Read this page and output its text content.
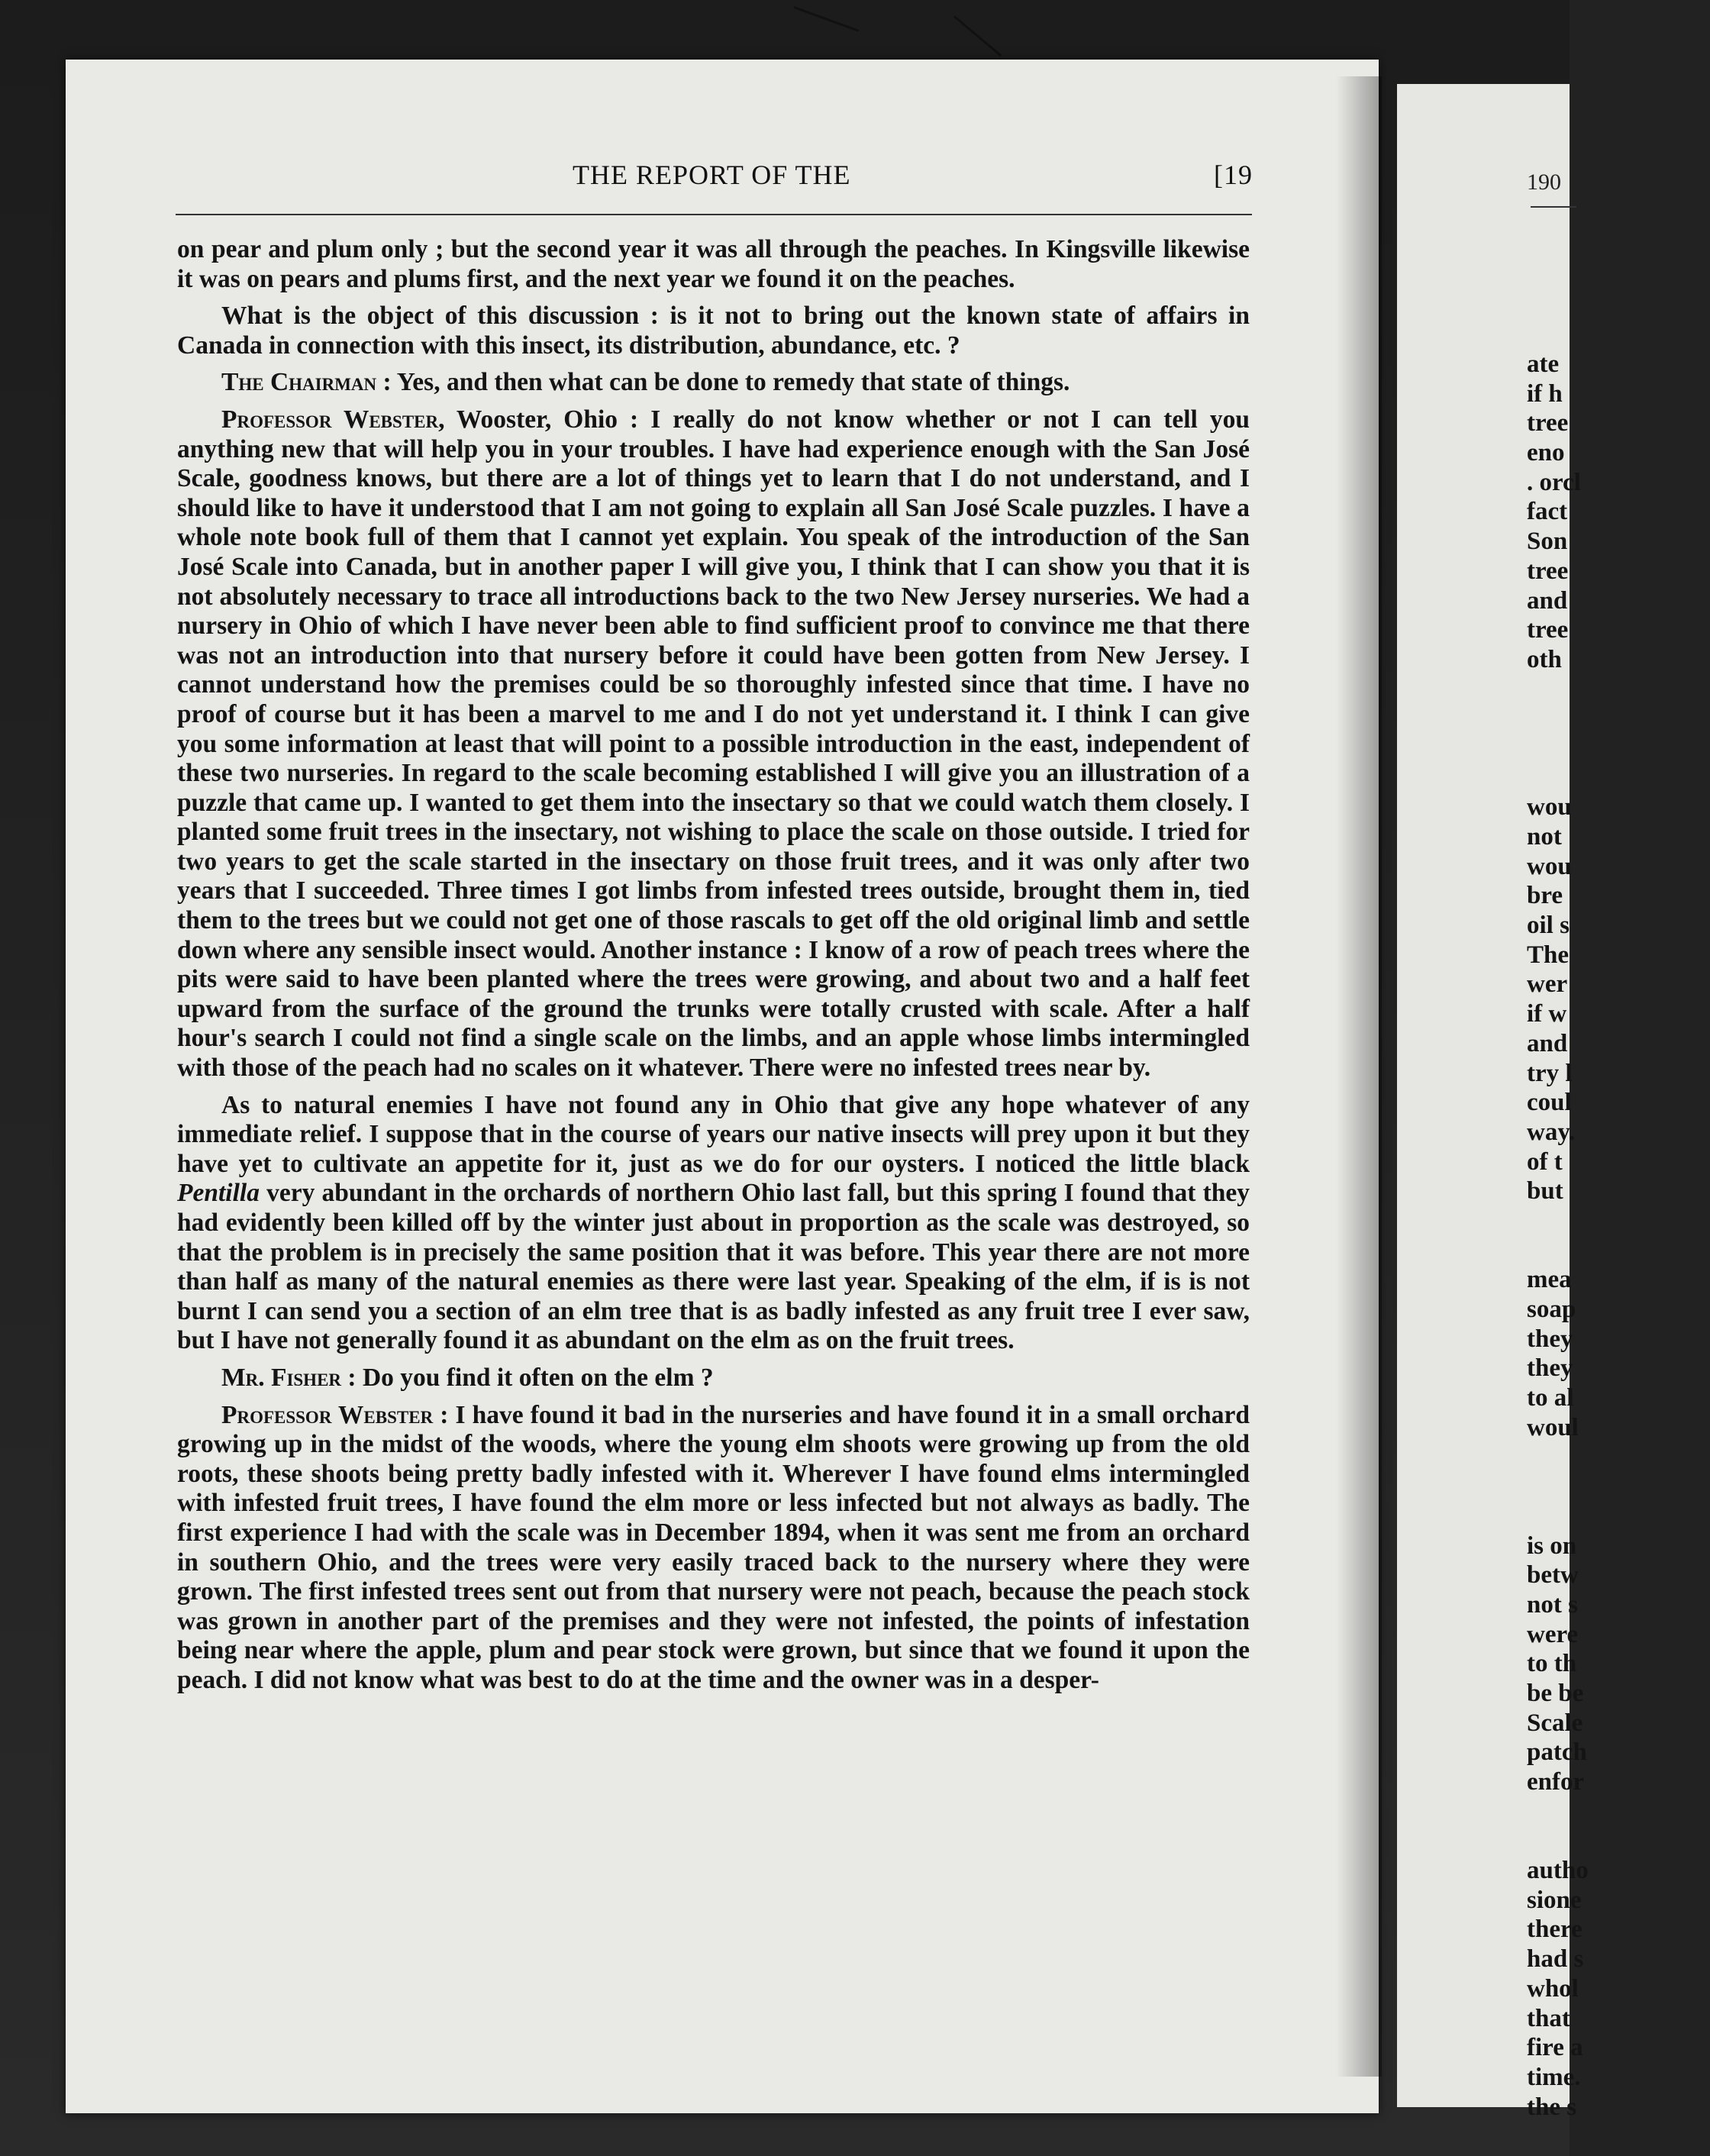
190
ate
if h
tree
eno
. orcl
fact
Son
tree
and
tree
oth
wou
not
wou
bre
oil s
The
wer
if w
and
try l
coul
way.
of t
but
mea
soap
they
they
to al
woul
is on
betw
not s
were
to th
be be
Scale
patch
enfor
autho
sione
there
had s
whol
that
fire a
time.
the s
THE REPORT OF THE	[19

on pear and plum only ; but the second year it was all through the peaches. In Kingsville likewise it was on pears and plums first, and the next year we found it on the peaches.

What is the object of this discussion : is it not to bring out the known state of affairs in Canada in connection with this insect, its distribution, abundance, etc. ?

The Chairman : Yes, and then what can be done to remedy that state of things.

Professor Webster, Wooster, Ohio : I really do not know whether or not I can tell you anything new that will help you in your troubles. I have had experience enough with the San José Scale, goodness knows, but there are a lot of things yet to learn that I do not understand, and I should like to have it understood that I am not going to explain all San José Scale puzzles. I have a whole note book full of them that I cannot yet explain. You speak of the introduction of the San José Scale into Canada, but in another paper I will give you, I think that I can show you that it is not absolutely necessary to trace all introductions back to the two New Jersey nurseries. We had a nursery in Ohio of which I have never been able to find sufficient proof to convince me that there was not an introduction into that nursery before it could have been gotten from New Jersey. I cannot understand how the premises could be so thoroughly infested since that time. I have no proof of course but it has been a marvel to me and I do not yet understand it. I think I can give you some information at least that will point to a possible introduction in the east, independent of these two nurseries. In regard to the scale becoming established I will give you an illustration of a puzzle that came up. I wanted to get them into the insectary so that we could watch them closely. I planted some fruit trees in the insectary, not wishing to place the scale on those outside. I tried for two years to get the scale started in the insectary on those fruit trees, and it was only after two years that I succeeded. Three times I got limbs from infested trees outside, brought them in, tied them to the trees but we could not get one of those rascals to get off the old original limb and settle down where any sensible insect would. Another instance : I know of a row of peach trees where the pits were said to have been planted where the trees were growing, and about two and a half feet upward from the surface of the ground the trunks were totally crusted with scale. After a half hour's search I could not find a single scale on the limbs, and an apple whose limbs intermingled with those of the peach had no scales on it whatever. There were no infested trees near by.

As to natural enemies I have not found any in Ohio that give any hope whatever of any immediate relief. I suppose that in the course of years our native insects will prey upon it but they have yet to cultivate an appetite for it, just as we do for our oysters. I noticed the little black Pentilla very abundant in the orchards of northern Ohio last fall, but this spring I found that they had evidently been killed off by the winter just about in proportion as the scale was destroyed, so that the problem is in precisely the same position that it was before. This year there are not more than half as many of the natural enemies as there were last year. Speaking of the elm, if is is not burnt I can send you a section of an elm tree that is as badly infested as any fruit tree I ever saw, but I have not generally found it as abundant on the elm as on the fruit trees.

Mr. Fisher : Do you find it often on the elm ?

Professor Webster : I have found it bad in the nurseries and have found it in a small orchard growing up in the midst of the woods, where the young elm shoots were growing up from the old roots, these shoots being pretty badly infested with it. Wherever I have found elms intermingled with infested fruit trees, I have found the elm more or less infected but not always as badly. The first experience I had with the scale was in December 1894, when it was sent me from an orchard in southern Ohio, and the trees were very easily traced back to the nursery where they were grown. The first infested trees sent out from that nursery were not peach, because the peach stock was grown in another part of the premises and they were not infested, the points of infestation being near where the apple, plum and pear stock were grown, but since that we found it upon the peach. I did not know what was best to do at the time and the owner was in a desper-
